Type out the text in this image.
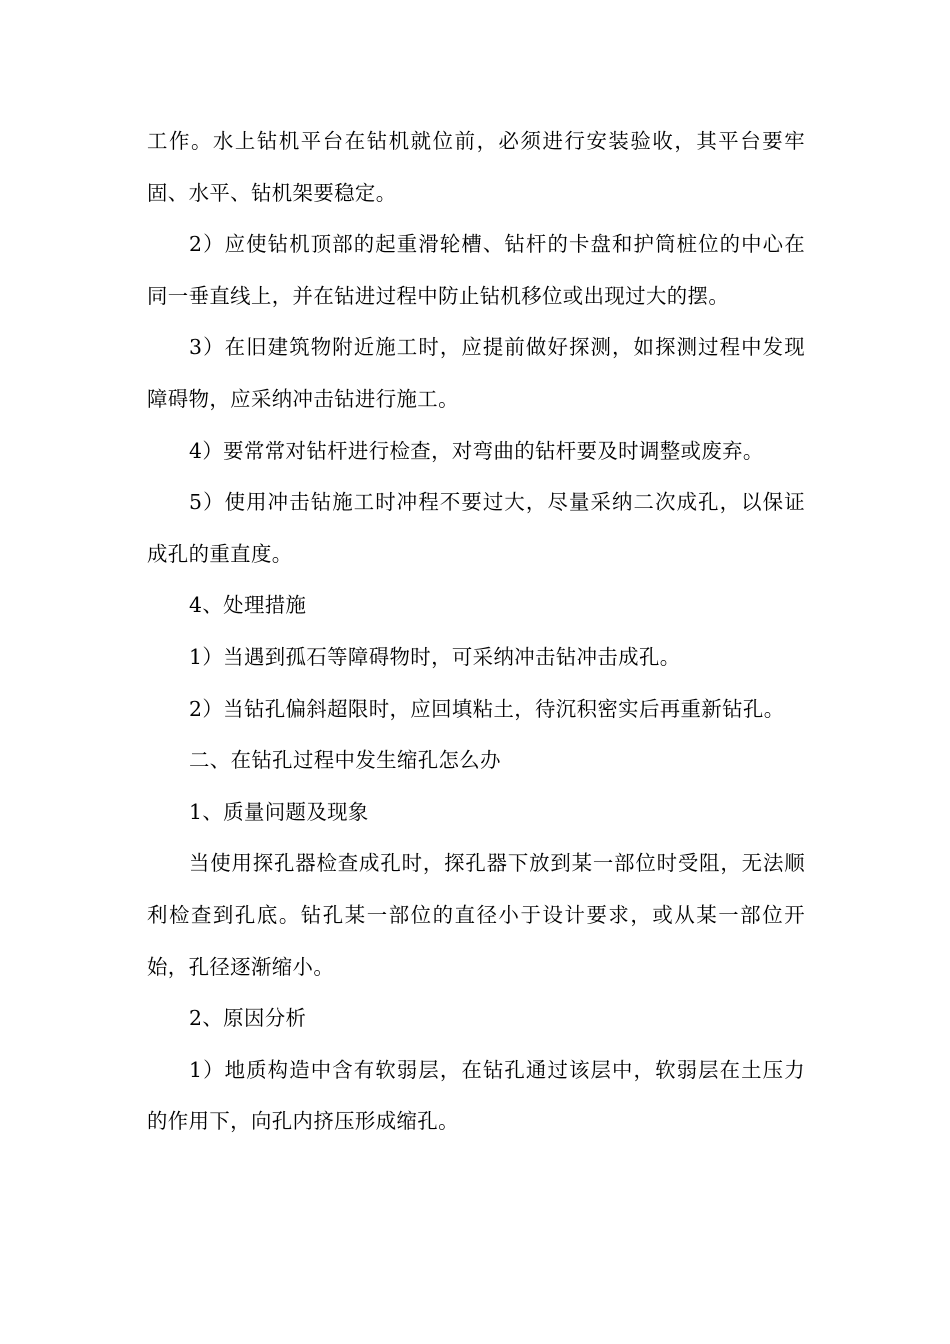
工作。水上钻机平台在钻机就位前，必须进行安装验收，其平台要牢固、水平、钻机架要稳定。

2）应使钻机顶部的起重滑轮槽、钻杆的卡盘和护筒桩位的中心在同一垂直线上，并在钻进过程中防止钻机移位或出现过大的摆。

3）在旧建筑物附近施工时，应提前做好探测，如探测过程中发现障碍物，应采纳冲击钻进行施工。

4）要常常对钻杆进行检查，对弯曲的钻杆要及时调整或废弃。

5）使用冲击钻施工时冲程不要过大，尽量采纳二次成孔，以保证成孔的重直度。

4、处理措施

1）当遇到孤石等障碍物时，可采纳冲击钻冲击成孔。

2）当钻孔偏斜超限时，应回填粘土，待沉积密实后再重新钻孔。

二、在钻孔过程中发生缩孔怎么办

1、质量问题及现象

当使用探孔器检查成孔时，探孔器下放到某一部位时受阻，无法顺利检查到孔底。钻孔某一部位的直径小于设计要求，或从某一部位开始，孔径逐渐缩小。

2、原因分析

1）地质构造中含有软弱层，在钻孔通过该层中，软弱层在土压力的作用下，向孔内挤压形成缩孔。
